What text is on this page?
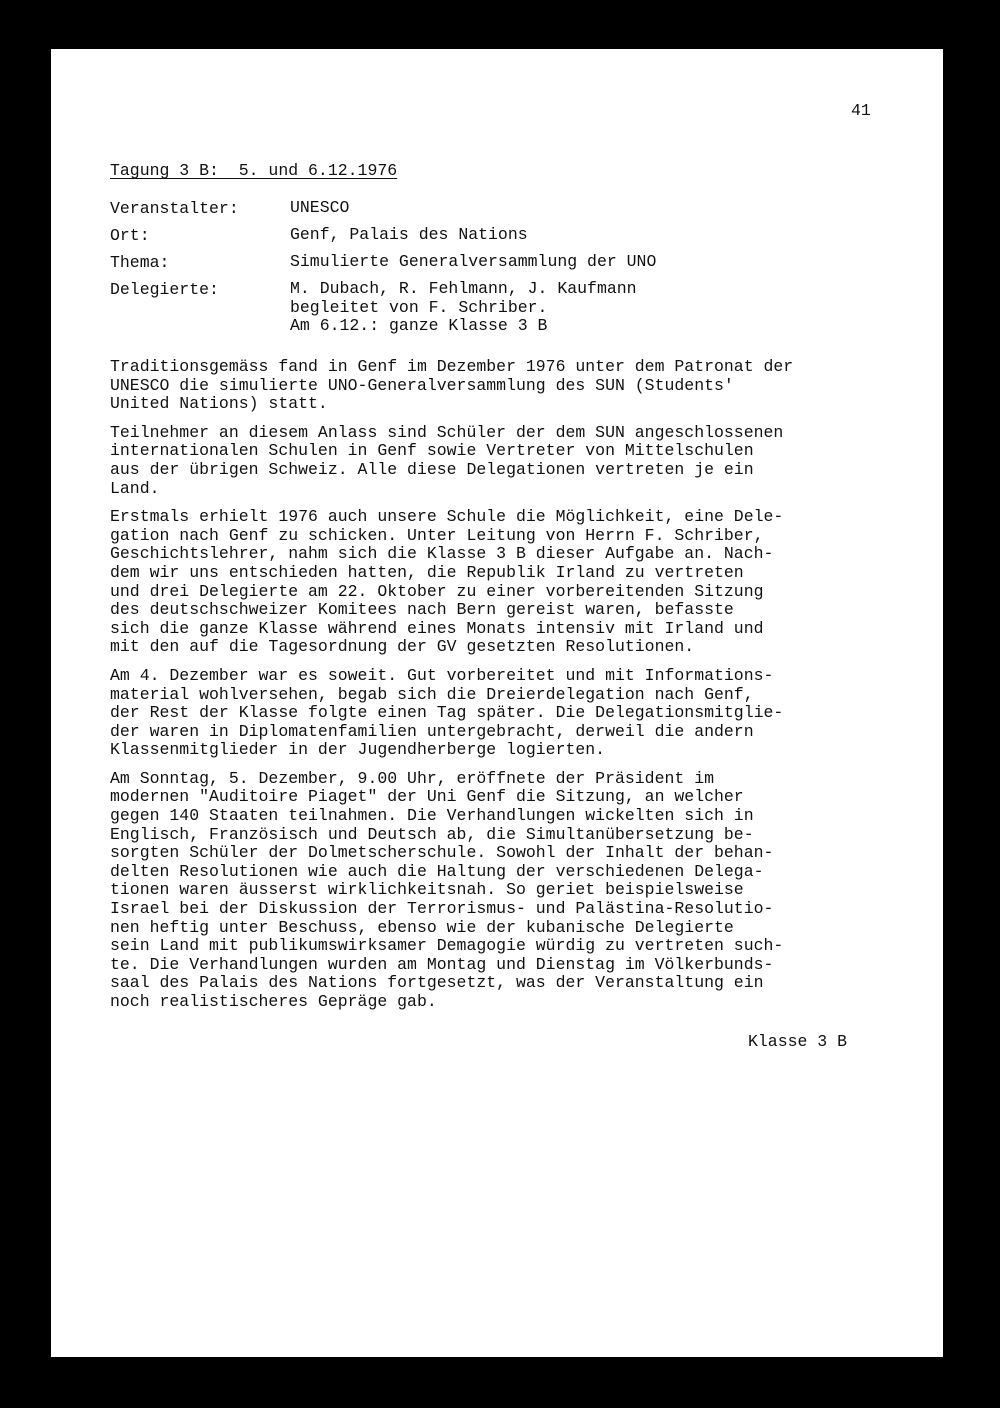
41
Tagung 3 B:  5. und 6.12.1976
Veranstalter:	UNESCO
Ort:	Genf, Palais des Nations
Thema:	Simulierte Generalversammlung der UNO
Delegierte:	M. Dubach, R. Fehlmann, J. Kaufmann
begleitet von F. Schriber.
Am 6.12.: ganze Klasse 3 B
Traditionsgemäss fand in Genf im Dezember 1976 unter dem Patronat der
UNESCO die simulierte UNO-Generalversammlung des SUN (Students'
United Nations) statt.
Teilnehmer an diesem Anlass sind Schüler der dem SUN angeschlossenen
internationalen Schulen in Genf sowie Vertreter von Mittelschulen
aus der übrigen Schweiz. Alle diese Delegationen vertreten je ein
Land.
Erstmals erhielt 1976 auch unsere Schule die Möglichkeit, eine Dele-
gation nach Genf zu schicken. Unter Leitung von Herrn F. Schriber,
Geschichtslehrer, nahm sich die Klasse 3 B dieser Aufgabe an. Nach-
dem wir uns entschieden hatten, die Republik Irland zu vertreten
und drei Delegierte am 22. Oktober zu einer vorbereitenden Sitzung
des deutschschweizer Komitees nach Bern gereist waren, befasste
sich die ganze Klasse während eines Monats intensiv mit Irland und
mit den auf die Tagesordnung der GV gesetzten Resolutionen.
Am 4. Dezember war es soweit. Gut vorbereitet und mit Informations-
material wohlversehen, begab sich die Dreierdelegation nach Genf,
der Rest der Klasse folgte einen Tag später. Die Delegationsmitglie-
der waren in Diplomatenfamilien untergebracht, derweil die andern
Klassenmitglieder in der Jugendherberge logierten.
Am Sonntag, 5. Dezember, 9.00 Uhr, eröffnete der Präsident im
modernen "Auditoire Piaget" der Uni Genf die Sitzung, an welcher
gegen 140 Staaten teilnahmen. Die Verhandlungen wickelten sich in
Englisch, Französisch und Deutsch ab, die Simultanübersetzung be-
sorgten Schüler der Dolmetscherschule. Sowohl der Inhalt der behan-
delten Resolutionen wie auch die Haltung der verschiedenen Delega-
tionen waren äusserst wirklichkeitsnah. So geriet beispielsweise
Israel bei der Diskussion der Terrorismus- und Palästina-Resolutio-
nen heftig unter Beschuss, ebenso wie der kubanische Delegierte
sein Land mit publikumswirksamer Demagogie würdig zu vertreten such-
te. Die Verhandlungen wurden am Montag und Dienstag im Völkerbunds-
saal des Palais des Nations fortgesetzt, was der Veranstaltung ein
noch realistischeres Gepräge gab.
Klasse 3 B
